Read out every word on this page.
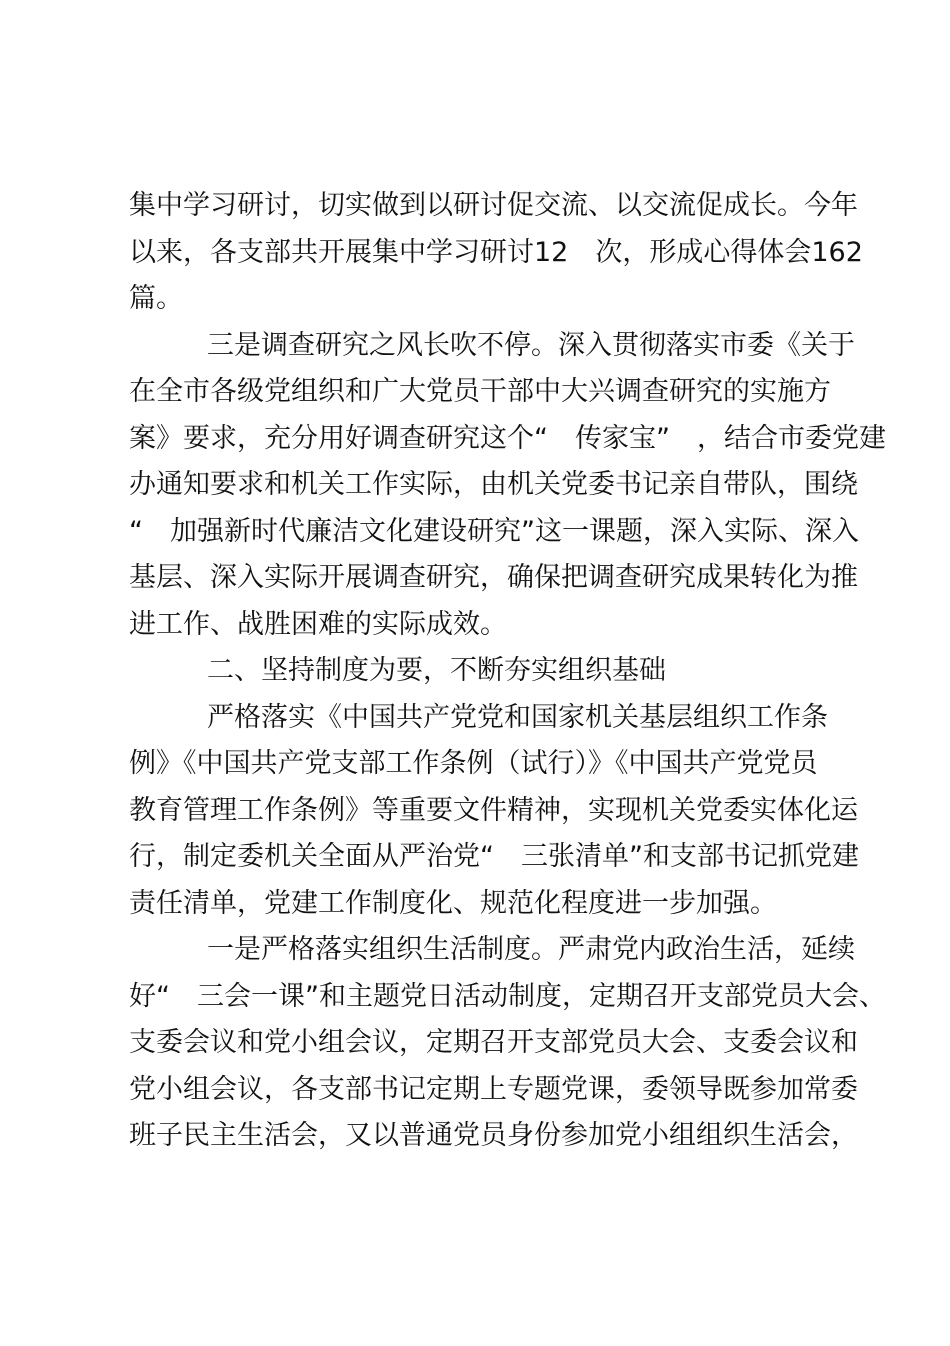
集中学习研讨，切实做到以研讨促交流、以交流促成长。今年
以来，各支部共开展集中学习研讨12　次，形成心得体会162
篇。
三是调查研究之风长吹不停。深入贯彻落实市委《关于
在全市各级党组织和广大党员干部中大兴调查研究的实施方
案》要求，充分用好调查研究这个“　传家宝”　，结合市委党建
办通知要求和机关工作实际，由机关党委书记亲自带队，围绕
“　加强新时代廉洁文化建设研究”这一课题，深入实际、深入
基层、深入实际开展调查研究，确保把调查研究成果转化为推
进工作、战胜困难的实际成效。
二、坚持制度为要，不断夯实组织基础
严格落实《中国共产党党和国家机关基层组织工作条
例》《中国共产党支部工作条例（试行）》《中国共产党党员
教育管理工作条例》等重要文件精神，实现机关党委实体化运
行，制定委机关全面从严治党“　三张清单”和支部书记抓党建
责任清单，党建工作制度化、规范化程度进一步加强。
一是严格落实组织生活制度。严肃党内政治生活，延续
好“　三会一课”和主题党日活动制度，定期召开支部党员大会、
支委会议和党小组会议，定期召开支部党员大会、支委会议和
党小组会议，各支部书记定期上专题党课，委领导既参加常委
班子民主生活会，又以普通党员身份参加党小组组织生活会，
